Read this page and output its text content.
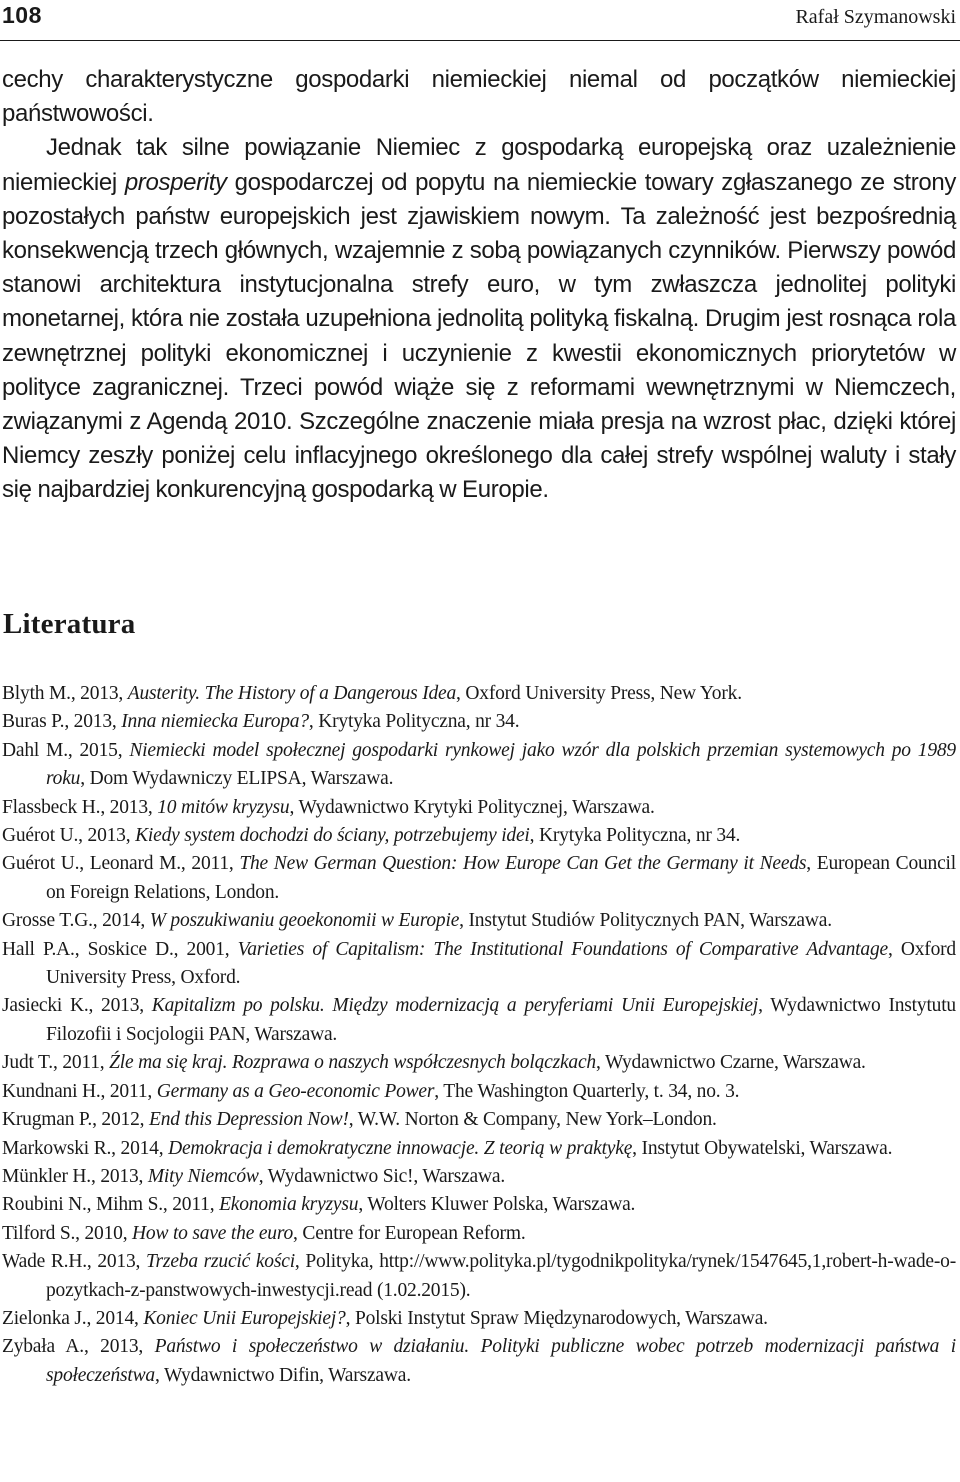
108	Rafał Szymanowski

cechy charakterystyczne gospodarki niemieckiej niemal od początków niemieckiej państwowości.

Jednak tak silne powiązanie Niemiec z gospodarką europejską oraz uzależnienie niemieckiej prosperity gospodarczej od popytu na niemieckie towary zgłaszanego ze strony pozostałych państw europejskich jest zjawiskiem nowym. Ta zależność jest bezpośrednią konsekwencją trzech głównych, wzajemnie z sobą powiązanych czynników. Pierwszy powód stanowi architektura instytucjonalna strefy euro, w tym zwłaszcza jednolitej polityki monetarnej, która nie została uzupełniona jednolitą polityką fiskalną. Drugim jest rosnąca rola zewnętrznej polityki ekonomicznej i uczynienie z kwestii ekonomicznych priorytetów w polityce zagranicznej. Trzeci powód wiąże się z reformami wewnętrznymi w Niemczech, związanymi z Agendą 2010. Szczególne znaczenie miała presja na wzrost płac, dzięki której Niemcy zeszły poniżej celu inflacyjnego określonego dla całej strefy wspólnej waluty i stały się najbardziej konkurencyjną gospodarką w Europie.

Literatura
Blyth M., 2013, Austerity. The History of a Dangerous Idea, Oxford University Press, New York.
Buras P., 2013, Inna niemiecka Europa?, Krytyka Polityczna, nr 34.
Dahl M., 2015, Niemiecki model społecznej gospodarki rynkowej jako wzór dla polskich przemian systemowych po 1989 roku, Dom Wydawniczy ELIPSA, Warszawa.
Flassbeck H., 2013, 10 mitów kryzysu, Wydawnictwo Krytyki Politycznej, Warszawa.
Guérot U., 2013, Kiedy system dochodzi do ściany, potrzebujemy idei, Krytyka Polityczna, nr 34.
Guérot U., Leonard M., 2011, The New German Question: How Europe Can Get the Germany it Needs, European Council on Foreign Relations, London.
Grosse T.G., 2014, W poszukiwaniu geoekonomii w Europie, Instytut Studiów Politycznych PAN, Warszawa.
Hall P.A., Soskice D., 2001, Varieties of Capitalism: The Institutional Foundations of Comparative Advantage, Oxford University Press, Oxford.
Jasiecki K., 2013, Kapitalizm po polsku. Między modernizacją a peryferiami Unii Europejskiej, Wydawnictwo Instytutu Filozofii i Socjologii PAN, Warszawa.
Judt T., 2011, Źle ma się kraj. Rozprawa o naszych współczesnych bolączkach, Wydawnictwo Czarne, Warszawa.
Kundnani H., 2011, Germany as a Geo-economic Power, The Washington Quarterly, t. 34, no. 3.
Krugman P., 2012, End this Depression Now!, W.W. Norton & Company, New York–London.
Markowski R., 2014, Demokracja i demokratyczne innowacje. Z teorią w praktykę, Instytut Obywatelski, Warszawa.
Münkler H., 2013, Mity Niemców, Wydawnictwo Sic!, Warszawa.
Roubini N., Mihm S., 2011, Ekonomia kryzysu, Wolters Kluwer Polska, Warszawa.
Tilford S., 2010, How to save the euro, Centre for European Reform.
Wade R.H., 2013, Trzeba rzucić kości, Polityka, http://www.polityka.pl/tygodnikpolityka/rynek/1547645,1,robert-h-wade-o-pozytkach-z-panstwowych-inwestycji.read (1.02.2015).
Zielonka J., 2014, Koniec Unii Europejskiej?, Polski Instytut Spraw Międzynarodowych, Warszawa.
Zybała A., 2013, Państwo i społeczeństwo w działaniu. Polityki publiczne wobec potrzeb modernizacji państwa i społeczeństwa, Wydawnictwo Difin, Warszawa.
